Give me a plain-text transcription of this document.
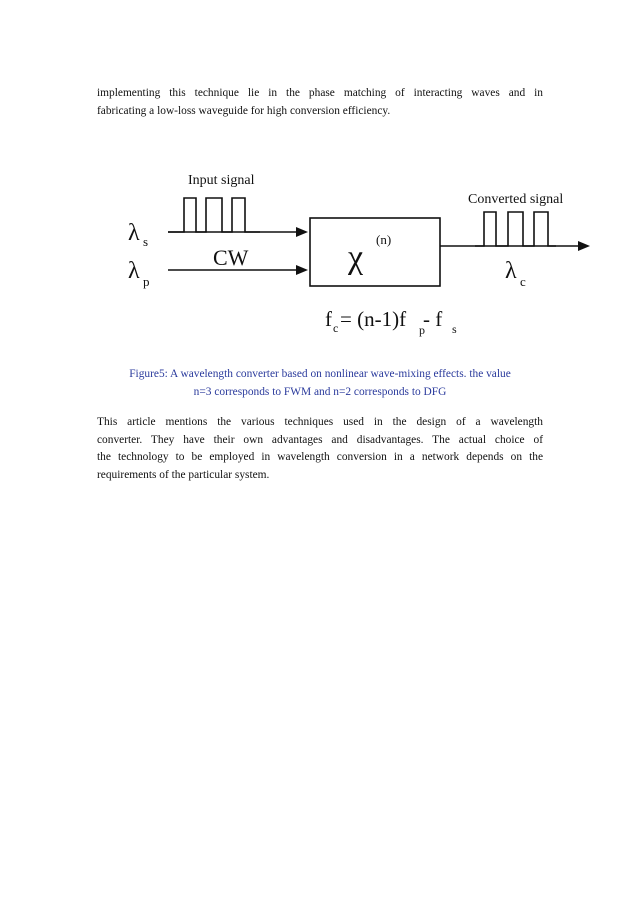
implementing this technique lie in the phase matching of interacting waves and in
fabricating a low-loss waveguide for high conversion efficiency.

Input signal
λ s
λ p
CW	χ (n)
Converted signal
λ c
f c = (n-1)f p
- f s
Figure5: A wavelength converter based on nonlinear wave-mixing effects. the value
n=3 corresponds to FWM and n=2 corresponds to DFG

This article mentions the various techniques used in the design of a wavelength
converter. They have their own advantages and disadvantages. The actual choice of
the technology to be employed in wavelength conversion in a network depends on the
requirements of the particular system.
